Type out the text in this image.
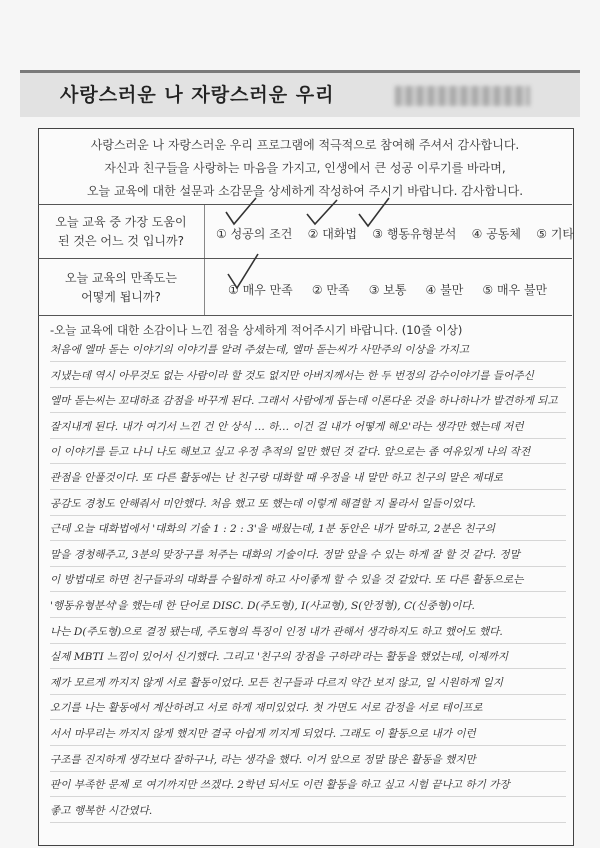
사랑스러운 나 자랑스러운 우리
사랑스러운 나 자랑스러운 우리 프로그램에 적극적으로 참여해 주셔서 감사합니다.
자신과 친구들을 사랑하는 마음을 가지고, 인생에서 큰 성공 이루기를 바라며,
오늘 교육에 대한 설문과 소감문을 상세하게 작성하여 주시기 바랍니다. 감사합니다.
오늘 교육 중 가장 도움이
된 것은 어느 것 입니까?	① 성공의 조건 ② 대화법 ③ 행동유형분석 ④ 공동체 ⑤ 기타
오늘 교육의 만족도는
어떻게 됩니까?	① 매우 만족 ② 만족 ③ 보통 ④ 불만 ⑤ 매우 불만
-오늘 교육에 대한 소감이나 느낀 점을 상세하게 적어주시기 바랍니다. (10줄 이상)
처음에 엘마 돋는 이야기의 이야기를 알려 주셨는데, 엘마 돋는씨가 사만주의 이상을 가지고
지냈는데 역시 아무것도 없는 사람이라 할 것도 없지만 아버지께서는 한 두 번정의 감수이야기를 들어주신
엘마 돋는씨는 꼬대하죠 감점을 바꾸게 된다. 그래서 사람에게 돕는데 이론다운 것을 하나하나가 발견하게 되고
잘지내게 된다. 내가 여기서 느낀 건 안 상식 … 하… 이건 걸 내가 어떻게 해오'라는 생각만 했는데 저런
이 이야기를 듣고 나니 나도 해보고 싶고 우정 추적의 일만 했던 것 같다. 앞으로는 좀 여유있게 나의 작전
관점을 안풀것이다. 또 다른 활동에는 난 친구랑 대화할 때 우정을 내 말만 하고 친구의 말은 제대로
공감도 경청도 안해줘서 미안했다. 처음 했고 또 했는데 이렇게 해결할 지 몰라서 일들이었다.
근데 오늘 대화법에서 '대화의 기술 1 : 2 : 3'을 배웠는데, 1분 동안은 내가 말하고, 2분은 친구의
말을 경청해주고, 3분의 맞장구를 쳐주는 대화의 기술이다. 정말 앞을 수 있는 하게 잘 할 것 같다. 정말
이 방법대로 하면 친구들과의 대화를 수월하게 하고 사이좋게 할 수 있을 것 같았다. 또 다른 활동으로는
'행동유형분석'을 했는데 한 단어로 DISC. D(주도형), I(사교형), S(안정형), C(신중형)이다.
나는 D(주도형)으로 결정 됐는데, 주도형의 특징이 인정 내가 관해서 생각하지도 하고 했어도 했다.
실제 MBTI 느낌이 있어서 신기했다. 그리고 '친구의 장점을 구하라'라는 활동을 했었는데, 이제까지
제가 모르게 까지지 않게 서로 활동이었다. 모든 친구들과 다르지 약간 보지 않고, 일 시원하게 일지
오기를 나는 활동에서 계산하려고 서로 하게 재미있었다. 첫 가면도 서로 감정을 서로 테이프로
서서 마무리는 까지지 않게 했지만 결국 아쉽게 끼지게 되었다. 그래도 이 활동으로 내가 이런
구조를 진지하게 생각보다 잘하구나, 라는 생각을 했다. 이거 앞으로 정말 많은 활동을 했지만
판이 부족한 문제 로 여기까지만 쓰겠다. 2학년 되서도 이런 활동을 하고 싶고 시험 끝나고 하기 가장
좋고 행복한 시간였다.
